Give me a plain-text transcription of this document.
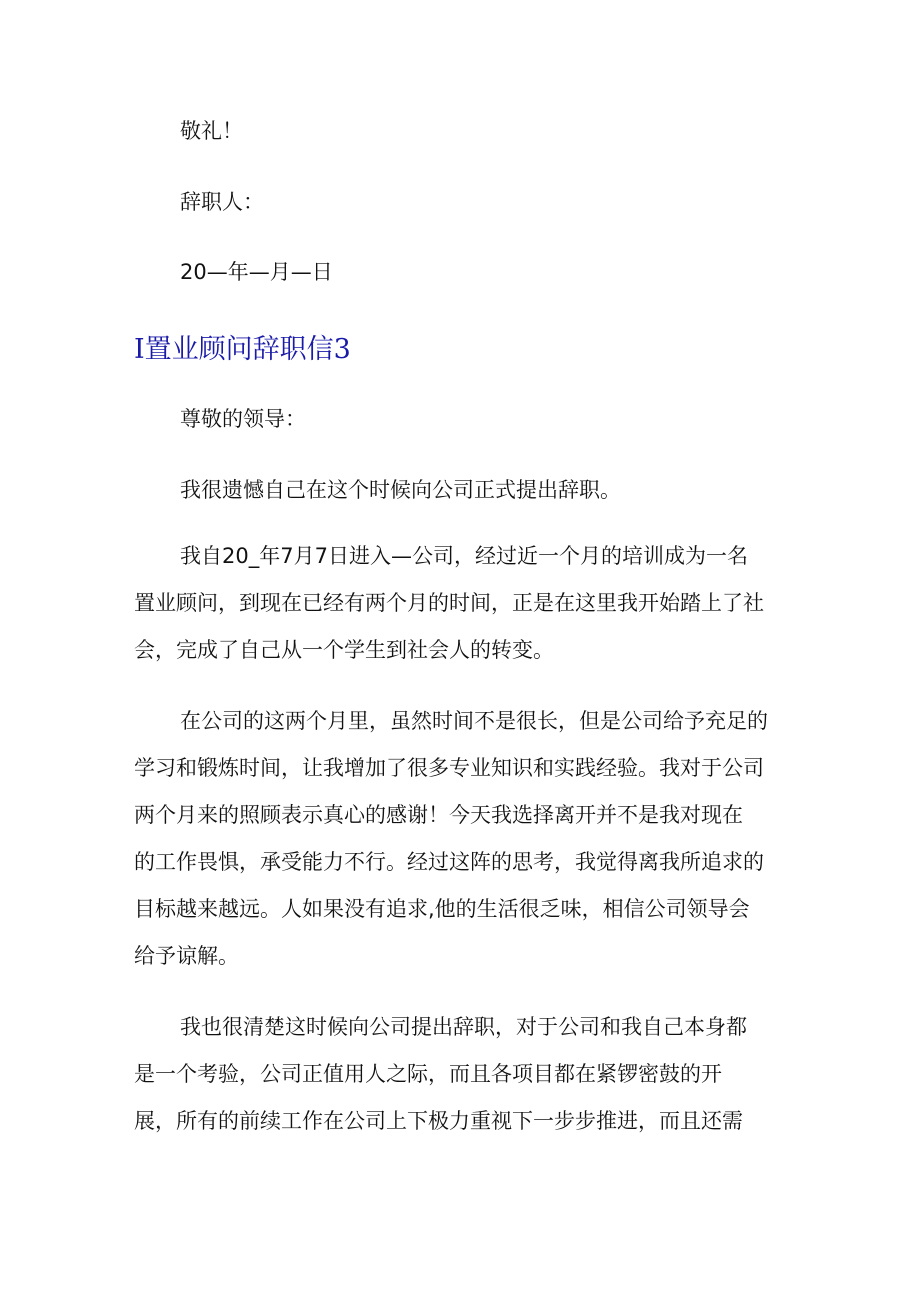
敬礼！
辞职人：
20—年—月—日
I置业顾问辞职信3
尊敬的领导：
我很遗憾自己在这个时候向公司正式提出辞职。
我自20_年7月7日进入—公司，经过近一个月的培训成为一名
置业顾问，到现在已经有两个月的时间，正是在这里我开始踏上了社
会，完成了自己从一个学生到社会人的转变。
在公司的这两个月里，虽然时间不是很长，但是公司给予充足的
学习和锻炼时间，让我增加了很多专业知识和实践经验。我对于公司
两个月来的照顾表示真心的感谢！今天我选择离开并不是我对现在
的工作畏惧，承受能力不行。经过这阵的思考，我觉得离我所追求的
目标越来越远。人如果没有追求,他的生活很乏味，相信公司领导会
给予谅解。
我也很清楚这时候向公司提出辞职，对于公司和我自己本身都
是一个考验，公司正值用人之际，而且各项目都在紧锣密鼓的开
展，所有的前续工作在公司上下极力重视下一步步推进，而且还需
